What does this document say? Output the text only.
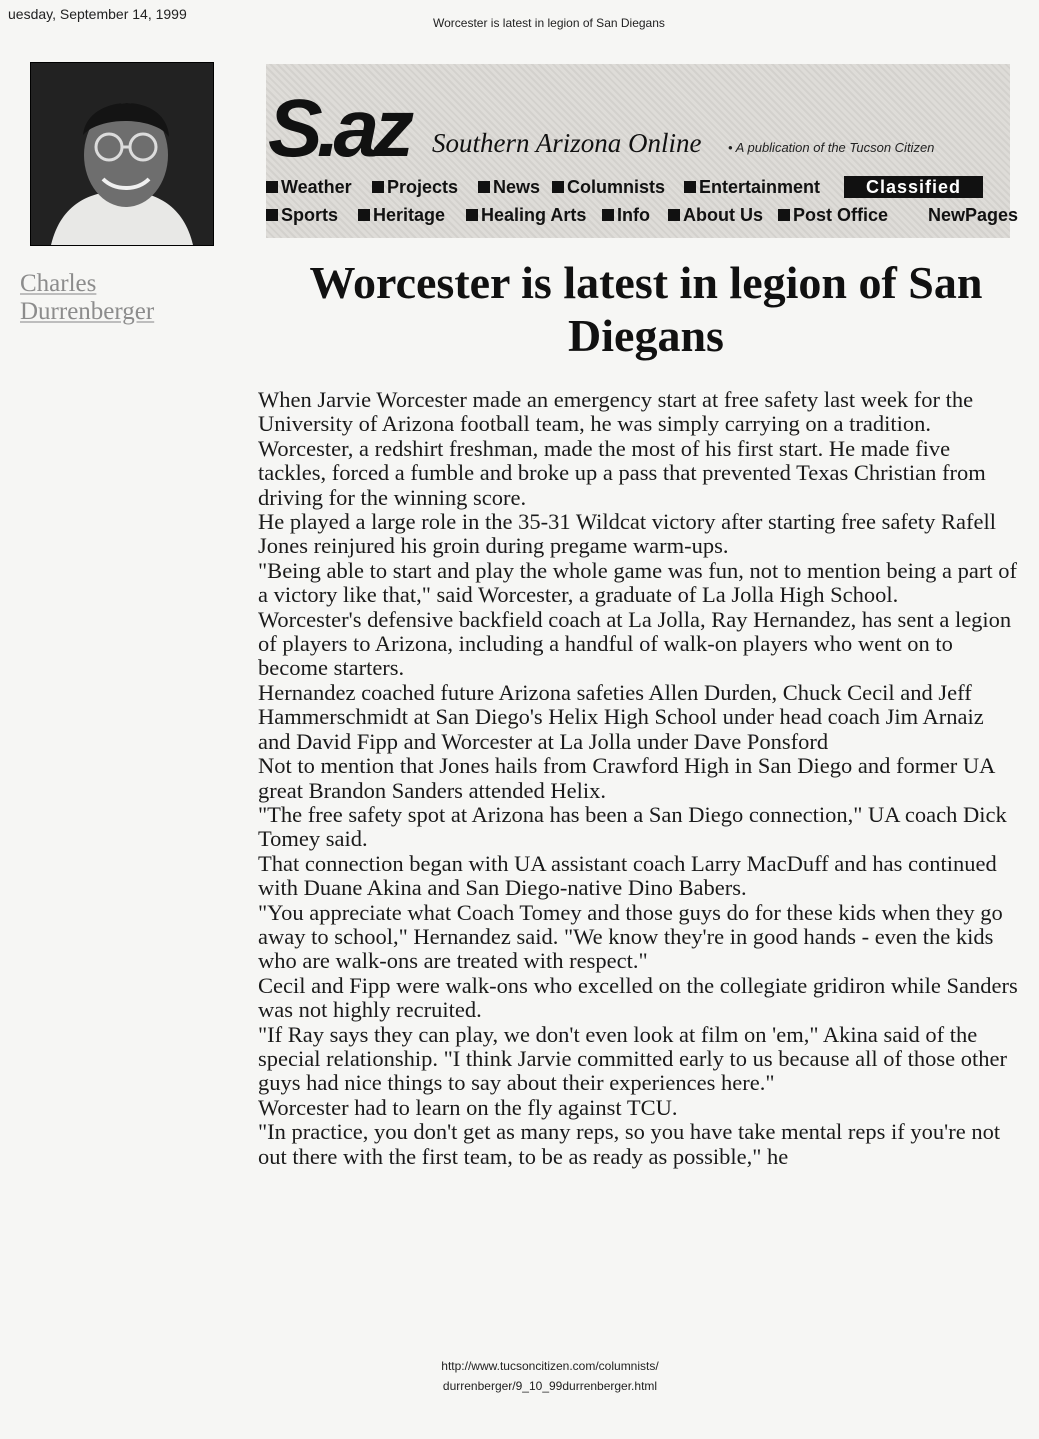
uesday, September 14, 1999
Worcester is latest in legion of San Diegans
Charles
Durrenberger
S.az Southern Arizona Online • A publication of the Tucson Citizen
Weather	Projects	News	Columnists	Entertainment	Classified
Sports	Heritage	Healing Arts	Info	About Us	Post Office NewPages
Worcester is latest in legion of San Diegans

When Jarvie Worcester made an emergency start at free safety last week for the University of Arizona football team, he was simply carrying on a tradition.

Worcester, a redshirt freshman, made the most of his first start. He made five tackles, forced a fumble and broke up a pass that prevented Texas Christian from driving for the winning score.

He played a large role in the 35-31 Wildcat victory after starting free safety Rafell Jones reinjured his groin during pregame warm-ups.

"Being able to start and play the whole game was fun, not to mention being a part of a victory like that," said Worcester, a graduate of La Jolla High School.

Worcester's defensive backfield coach at La Jolla, Ray Hernandez, has sent a legion of players to Arizona, including a handful of walk-on players who went on to become starters.

Hernandez coached future Arizona safeties Allen Durden, Chuck Cecil and Jeff Hammerschmidt at San Diego's Helix High School under head coach Jim Arnaiz and David Fipp and Worcester at La Jolla under Dave Ponsford

Not to mention that Jones hails from Crawford High in San Diego and former UA great Brandon Sanders attended Helix.

"The free safety spot at Arizona has been a San Diego connection," UA coach Dick Tomey said.

That connection began with UA assistant coach Larry MacDuff and has continued with Duane Akina and San Diego-native Dino Babers.

"You appreciate what Coach Tomey and those guys do for these kids when they go away to school," Hernandez said. "We know they're in good hands - even the kids who are walk-ons are treated with respect."

Cecil and Fipp were walk-ons who excelled on the collegiate gridiron while Sanders was not highly recruited.

"If Ray says they can play, we don't even look at film on 'em," Akina said of the special relationship. "I think Jarvie committed early to us because all of those other guys had nice things to say about their experiences here."

Worcester had to learn on the fly against TCU.

"In practice, you don't get as many reps, so you have take mental reps if you're not out there with the first team, to be as ready as possible," he

http://www.tucsoncitizen.com/columnists/
durrenberger/9_10_99durrenberger.html
